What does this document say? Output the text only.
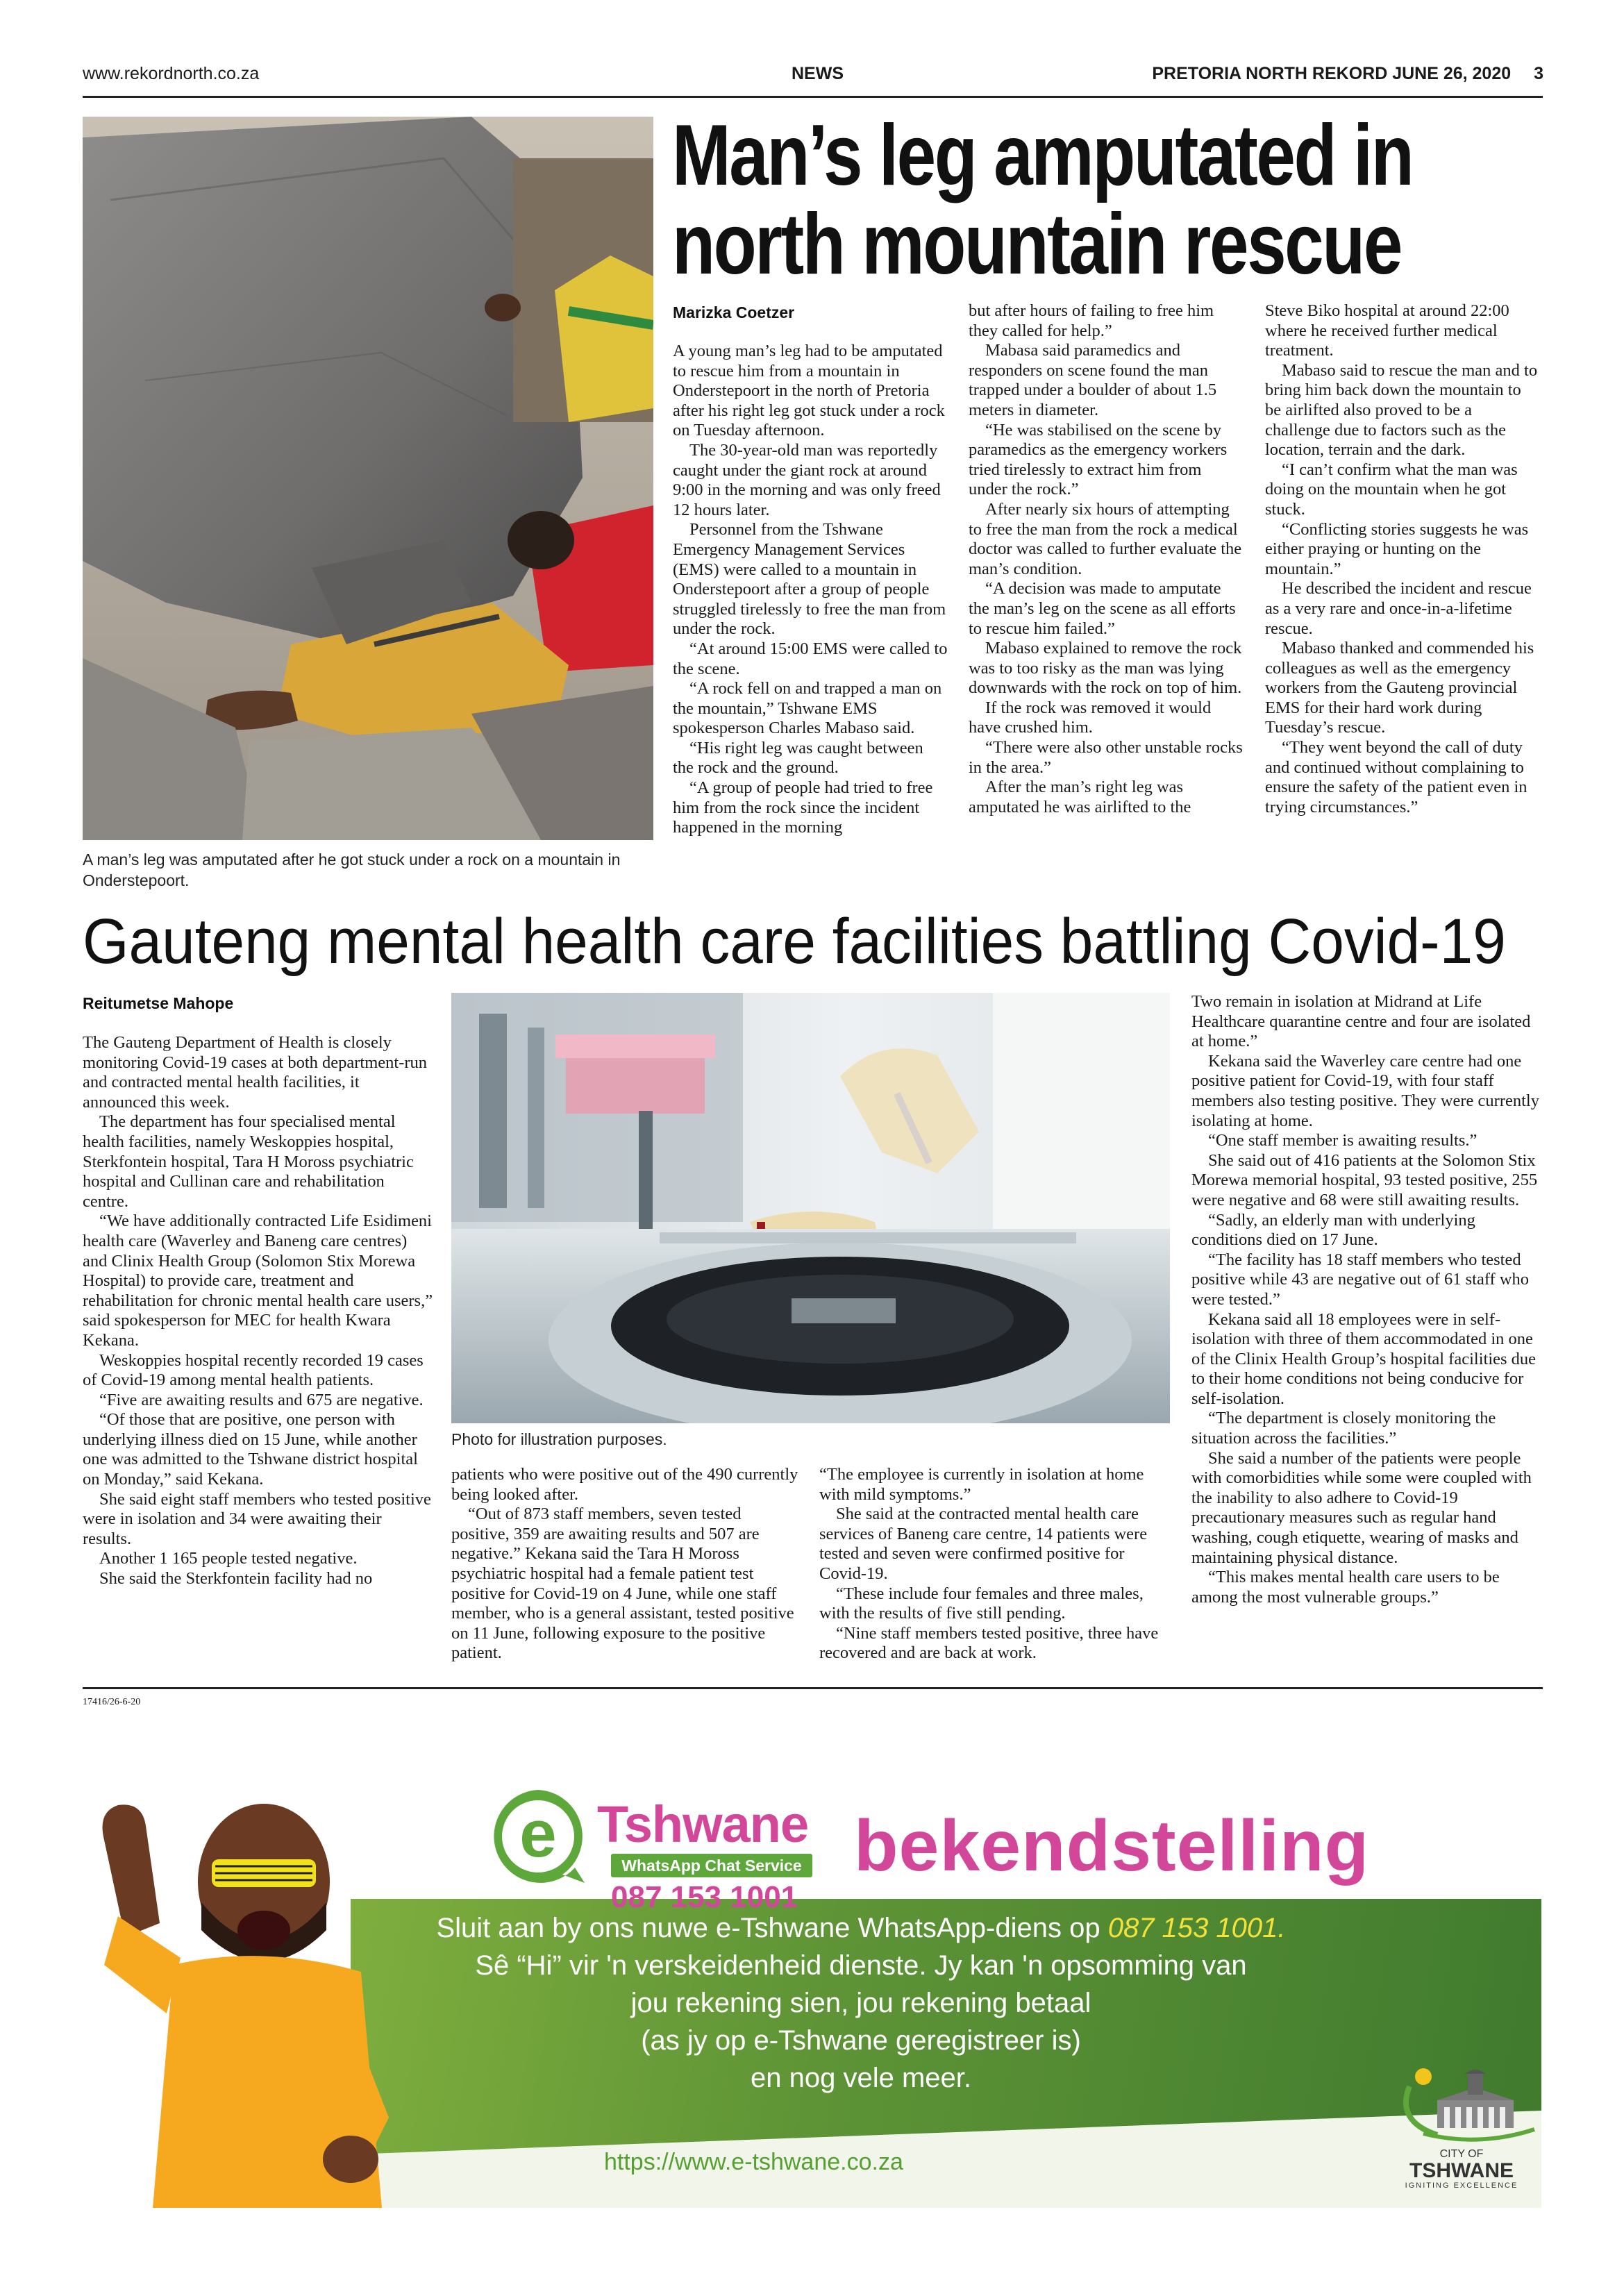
www.rekordnorth.co.za	NEWS	PRETORIA NORTH REKORD JUNE 26, 2020 3
A man’s leg was amputated after he got stuck under a rock on a mountain in Onderstepoort.
Man’s leg amputated in
north mountain rescue
Marizka Coetzer

A young man’s leg had to be amputated to rescue him from a mountain in Onderstepoort in the north of Pretoria after his right leg got stuck under a rock on Tuesday afternoon.

The 30-year-old man was reportedly caught under the giant rock at around 9:00 in the morning and was only freed 12 hours later.

Personnel from the Tshwane Emergency Management Services (EMS) were called to a mountain in Onderstepoort after a group of people struggled tirelessly to free the man from under the rock.

“At around 15:00 EMS were called to the scene.

“A rock fell on and trapped a man on the mountain,” Tshwane EMS spokesperson Charles Mabaso said.

“His right leg was caught between the rock and the ground.

“A group of people had tried to free him from the rock since the incident happened in the morning

but after hours of failing to free him they called for help.”

Mabasa said paramedics and responders on scene found the man trapped under a boulder of about 1.5 meters in diameter.

“He was stabilised on the scene by paramedics as the emergency workers tried tirelessly to extract him from under the rock.”

After nearly six hours of attempting to free the man from the rock a medical doctor was called to further evaluate the man’s condition.

“A decision was made to amputate the man’s leg on the scene as all efforts to rescue him failed.”

Mabaso explained to remove the rock was to too risky as the man was lying downwards with the rock on top of him.

If the rock was removed it would have crushed him.

“There were also other unstable rocks in the area.”

After the man’s right leg was amputated he was airlifted to the

Steve Biko hospital at around 22:00 where he received further medical treatment.

Mabaso said to rescue the man and to bring him back down the mountain to be airlifted also proved to be a challenge due to factors such as the location, terrain and the dark.

“I can’t confirm what the man was doing on the mountain when he got stuck.

“Conflicting stories suggests he was either praying or hunting on the mountain.”

He described the incident and rescue as a very rare and once-in-a-lifetime rescue.

Mabaso thanked and commended his colleagues as well as the emergency workers from the Gauteng provincial EMS for their hard work during Tuesday’s rescue.

“They went beyond the call of duty and continued without complaining to ensure the safety of the patient even in trying circumstances.”

Gauteng mental health care facilities battling Covid-19
Reitumetse Mahope
Photo for illustration purposes.

The Gauteng Department of Health is closely monitoring Covid-19 cases at both department-run and contracted mental health facilities, it announced this week.

The department has four specialised mental health facilities, namely Weskoppies hospital, Sterkfontein hospital, Tara H Moross psychiatric hospital and Cullinan care and rehabilitation centre.

“We have additionally contracted Life Esidimeni health care (Waverley and Baneng care centres) and Clinix Health Group (Solomon Stix Morewa Hospital) to provide care, treatment and rehabilitation for chronic mental health care users,” said spokesperson for MEC for health Kwara Kekana.

Weskoppies hospital recently recorded 19 cases of Covid-19 among mental health patients.

“Five are awaiting results and 675 are negative.

“Of those that are positive, one person with underlying illness died on 15 June, while another one was admitted to the Tshwane district hospital on Monday,” said Kekana.

She said eight staff members who tested positive were in isolation and 34 were awaiting their results.

Another 1 165 people tested negative.

She said the Sterkfontein facility had no

patients who were positive out of the 490 currently being looked after.

“Out of 873 staff members, seven tested positive, 359 are awaiting results and 507 are negative.” Kekana said the Tara H Moross psychiatric hospital had a female patient test positive for Covid-19 on 4 June, while one staff member, who is a general assistant, tested positive on 11 June, following exposure to the positive patient.

“The employee is currently in isolation at home with mild symptoms.”

She said at the contracted mental health care services of Baneng care centre, 14 patients were tested and seven were confirmed positive for Covid-19.

“These include four females and three males, with the results of five still pending.

“Nine staff members tested positive, three have recovered and are back at work.

Two remain in isolation at Midrand at Life Healthcare quarantine centre and four are isolated at home.”

Kekana said the Waverley care centre had one positive patient for Covid-19, with four staff members also testing positive. They were currently isolating at home.

“One staff member is awaiting results.”

She said out of 416 patients at the Solomon Stix Morewa memorial hospital, 93 tested positive, 255 were negative and 68 were still awaiting results.

“Sadly, an elderly man with underlying conditions died on 17 June.

“The facility has 18 staff members who tested positive while 43 are negative out of 61 staff who were tested.”

Kekana said all 18 employees were in self-isolation with three of them accommodated in one of the Clinix Health Group’s hospital facilities due to their home conditions not being conducive for self-isolation.

“The department is closely monitoring the situation across the facilities.”

She said a number of the patients were people with comorbidities while some were coupled with the inability to also adhere to Covid-19 precautionary measures such as regular hand washing, cough etiquette, wearing of masks and maintaining physical distance.

“This makes mental health care users to be among the most vulnerable groups.”

17416/26-6-20
e Tshwane
WhatsApp Chat Service
087 153 1001
bekendstelling
Sluit aan by ons nuwe e-Tshwane WhatsApp-diens op 087 153 1001.
Sê “Hi” vir 'n verskeidenheid dienste. Jy kan 'n opsomming van
jou rekening sien, jou rekening betaal
(as jy op e-Tshwane geregistreer is)
en nog vele meer.
https://www.e-tshwane.co.za	CITY OF
TSHWANE
IGNITING EXCELLENCE
